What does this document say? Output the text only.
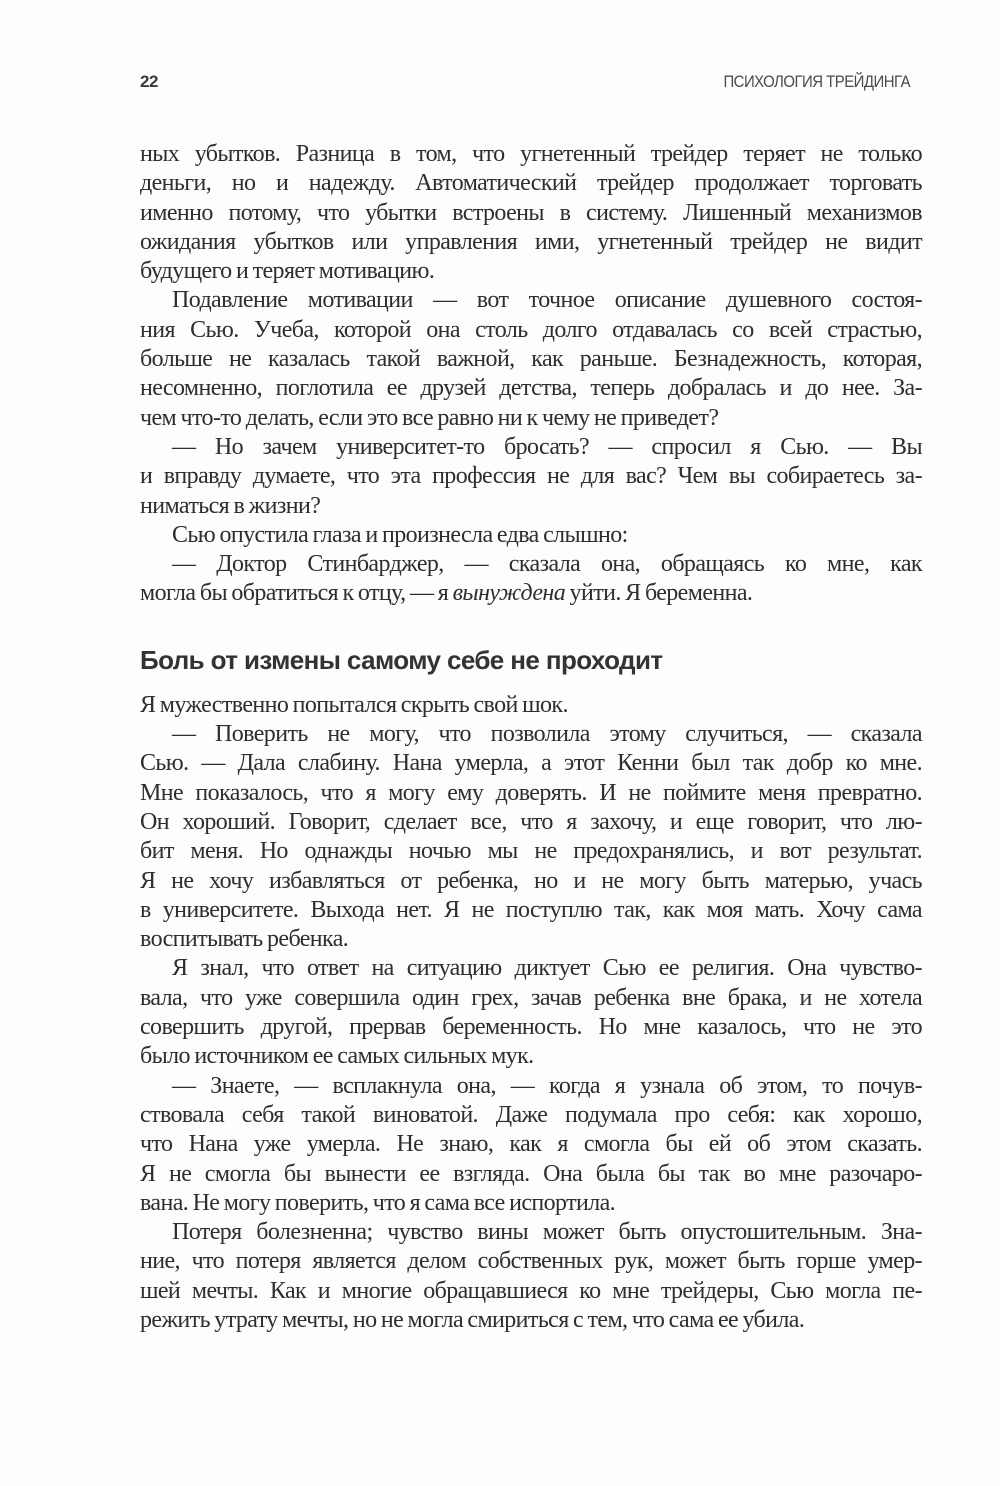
22	ПСИХОЛОГИЯ ТРЕЙДИНГА
ных убытков. Разница в том, что угнетенный трейдер теряет не только
деньги, но и надежду. Автоматический трейдер продолжает торговать
именно потому, что убытки встроены в систему. Лишенный механизмов
ожидания убытков или управления ими, угнетенный трейдер не видит
будущего и теряет мотивацию.
Подавление мотивации — вот точное описание душевного состоя-
ния Сью. Учеба, которой она столь долго отдавалась со всей страстью,
больше не казалась такой важной, как раньше. Безнадежность, которая,
несомненно, поглотила ее друзей детства, теперь добралась и до нее. За-
чем что-то делать, если это все равно ни к чему не приведет?
— Но зачем университет-то бросать? — спросил я Сью. — Вы
и вправду думаете, что эта профессия не для вас? Чем вы собираетесь за-
ниматься в жизни?
Сью опустила глаза и произнесла едва слышно:
— Доктор Стинбарджер, — сказала она, обращаясь ко мне, как
могла бы обратиться к отцу, — я вынуждена уйти. Я беременна.
Боль от измены самому себе не проходит
Я мужественно попытался скрыть свой шок.
— Поверить не могу, что позволила этому случиться, — сказала
Сью. — Дала слабину. Нана умерла, а этот Кенни был так добр ко мне.
Мне показалось, что я могу ему доверять. И не поймите меня превратно.
Он хороший. Говорит, сделает все, что я захочу, и еще говорит, что лю-
бит меня. Но однажды ночью мы не предохранялись, и вот результат.
Я не хочу избавляться от ребенка, но и не могу быть матерью, учась
в университете. Выхода нет. Я не поступлю так, как моя мать. Хочу сама
воспитывать ребенка.
Я знал, что ответ на ситуацию диктует Сью ее религия. Она чувство-
вала, что уже совершила один грех, зачав ребенка вне брака, и не хотела
совершить другой, прервав беременность. Но мне казалось, что не это
было источником ее самых сильных мук.
— Знаете, — всплакнула она, — когда я узнала об этом, то почув-
ствовала себя такой виноватой. Даже подумала про себя: как хорошо,
что Нана уже умерла. Не знаю, как я смогла бы ей об этом сказать.
Я не смогла бы вынести ее взгляда. Она была бы так во мне разочаро-
вана. Не могу поверить, что я сама все испортила.
Потеря болезненна; чувство вины может быть опустошительным. Зна-
ние, что потеря является делом собственных рук, может быть горше умер-
шей мечты. Как и многие обращавшиеся ко мне трейдеры, Сью могла пе-
режить утрату мечты, но не могла смириться с тем, что сама ее убила.
